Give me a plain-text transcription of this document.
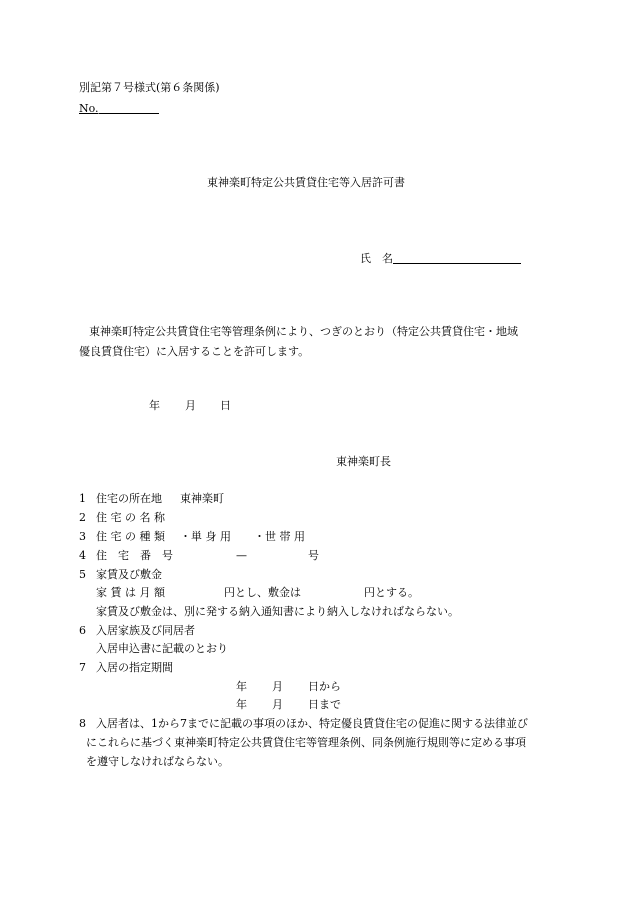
別記第７号様式(第６条関係)
No.
東神楽町特定公共賃貸住宅等入居許可書
氏　名
東神楽町特定公共賃貸住宅等管理条例により、つぎのとおり（特定公共賃貸住宅・地域
優良賃貸住宅）に入居することを許可します。
年 月 日
東神楽町長
1 住宅の所在地 東神楽町
2 住 宅 の 名 称
3 住 宅 の 種 類 ・単 身 用 ・世 帯 用
4 住　宅　番　号	—	号
5 家賃及び敷金
家 賃 は 月 額	円とし、敷金は	円とする。
家賃及び敷金は、別に発する納入通知書により納入しなければならない。
6 入居家族及び同居者
入居申込書に記載のとおり
7 入居の指定期間
年 月 日から
年 月 日まで
8 入居者は、1から7までに記載の事項のほか、特定優良賃貸住宅の促進に関する法律並び
にこれらに基づく東神楽町特定公共賃貸住宅等管理条例、同条例施行規則等に定める事項
を遵守しなければならない。
